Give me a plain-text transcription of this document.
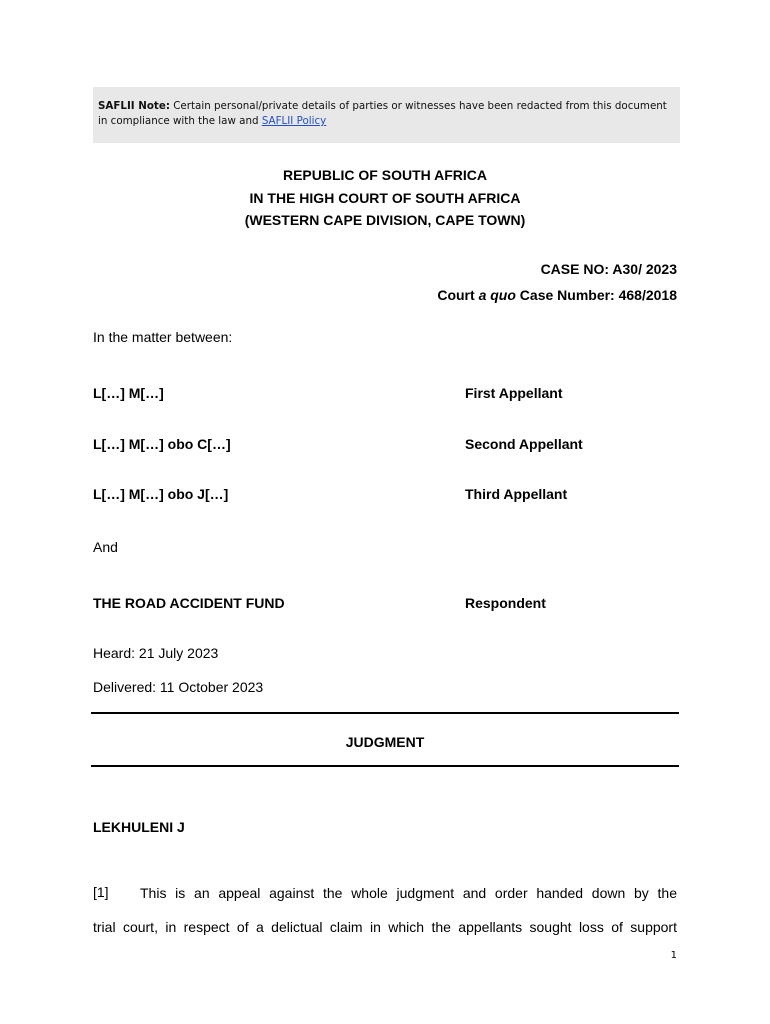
SAFLII Note: Certain personal/private details of parties or witnesses have been redacted from this document in compliance with the law and SAFLII Policy
REPUBLIC OF SOUTH AFRICA
IN THE HIGH COURT OF SOUTH AFRICA
(WESTERN CAPE DIVISION, CAPE TOWN)
CASE NO: A30/ 2023
Court a quo Case Number: 468/2018
In the matter between:
L[…] M[…]	First Appellant
L[…] M[…] obo C[…]	Second Appellant
L[…] M[…] obo J[…]	Third Appellant
And
THE ROAD ACCIDENT FUND	Respondent
Heard: 21 July 2023
Delivered: 11 October 2023
JUDGMENT
LEKHULENI J
[1] This is an appeal against the whole judgment and order handed down by the
trial court, in respect of a delictual claim in which the appellants sought loss of support
1
